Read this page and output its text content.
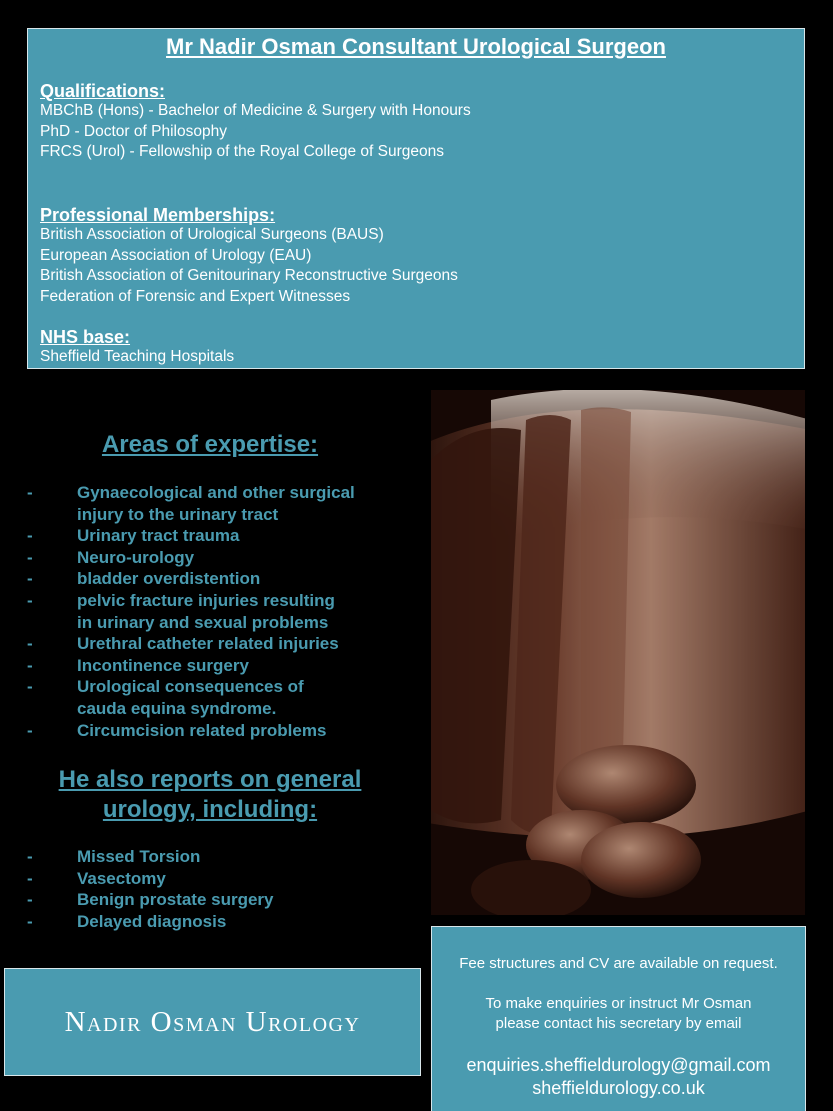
Mr Nadir Osman Consultant Urological Surgeon
Qualifications:
MBChB (Hons) - Bachelor of Medicine & Surgery with Honours
PhD - Doctor of Philosophy
FRCS (Urol) - Fellowship of the Royal College of Surgeons
Professional Memberships:
British Association of Urological Surgeons (BAUS)
European Association of Urology (EAU)
British Association of Genitourinary Reconstructive Surgeons
Federation of Forensic and Expert Witnesses
NHS base:
Sheffield Teaching Hospitals
Areas of expertise:
-	Gynaecological and other surgical
injury to the urinary tract
-	Urinary tract trauma
-	Neuro-urology
-	bladder overdistention
-	pelvic fracture injuries resulting
in urinary and sexual problems
-	Urethral catheter related injuries
-	Incontinence surgery
-	Urological consequences of
cauda equina syndrome.
-	Circumcision related problems
He also reports on general
urology, including:
-	Missed Torsion
-	Vasectomy
-	Benign prostate surgery
-	Delayed diagnosis
Nadir Osman Urology
Fee structures and CV are available on request.
To make enquiries or instruct Mr Osman
please contact his secretary by email
enquiries.sheffieldurology@gmail.com
sheffieldurology.co.uk
